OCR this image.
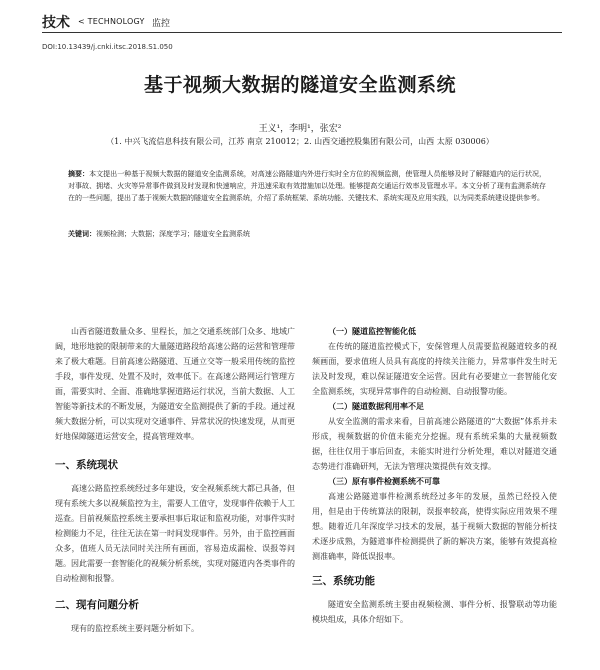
技术 < TECHNOLOGY 监控
DOI:10.13439/j.cnki.itsc.2018.S1.050
基于视频大数据的隧道安全监测系统
王义¹，李明¹，张宏²
（1. 中兴飞流信息科技有限公司，江苏 南京 210012；2. 山西交通控股集团有限公司，山西 太原 030006）
摘要：本文提出一种基于视频大数据的隧道安全监测系统，对高速公路隧道内外进行实时全方位的视频监测，使管理人员能够及时了解隧道内的运行状况，对事故、拥堵、火灾等异常事件做到及时发现和快速响应，并迅速采取有效措施加以处理。能够提高交通运行效率及管理水平。本文分析了现有监测系统存在的一些问题，提出了基于视频大数据的隧道安全监测系统，介绍了系统框架、系统功能、关键技术、系统实现及应用实践，以为同类系统建设提供参考。
关键词：视频检测；大数据；深度学习；隧道安全监测系统

山西省隧道数量众多、里程长，加之交通系统部门众多、地域广阔，地形地貌的限制带来的大量隧道路段给高速公路的运营和管理带来了极大难题。目前高速公路隧道、互通立交等一般采用传统的监控手段，事件发现、处置不及时，效率低下。在高速公路网运行管理方面，需要实时、全面、准确地掌握道路运行状况，当前大数据、人工智能等新技术的不断发展，为隧道安全监测提供了新的手段。通过视频大数据分析，可以实现对交通事件、异常状况的快速发现，从而更好地保障隧道运营安全，提高管理效率。

一、系统现状

高速公路监控系统经过多年建设，安全视频系统大都已具备，但现有系统大多以视频监控为主，需要人工值守，发现事件依赖于人工巡查。目前视频监控系统主要承担事后取证和监视功能，对事件实时检测能力不足，往往无法在第一时间发现事件。另外，由于监控画面众多，值班人员无法同时关注所有画面，容易造成漏检、误报等问题。因此需要一套智能化的视频分析系统，实现对隧道内各类事件的自动检测和报警。

二、现有问题分析

现有的监控系统主要问题分析如下。

（一）隧道监控智能化低

在传统的隧道监控模式下，安保管理人员需要监视隧道较多的视频画面，要求值班人员具有高度的持续关注能力，异常事件发生时无法及时发现，难以保证隧道安全运营。因此有必要建立一套智能化安全监测系统，实现异常事件的自动检测、自动报警功能。

（二）隧道数据利用率不足

从安全监测的需求来看，目前高速公路隧道的“大数据”体系并未形成，视频数据的价值未能充分挖掘。现有系统采集的大量视频数据，往往仅用于事后回查，未能实时进行分析处理，难以对隧道交通态势进行准确研判，无法为管理决策提供有效支撑。

（三）原有事件检测系统不可靠

高速公路隧道事件检测系统经过多年的发展，虽然已经投入使用，但是由于传统算法的限制，误报率较高，使得实际应用效果不理想。随着近几年深度学习技术的发展，基于视频大数据的智能分析技术逐步成熟，为隧道事件检测提供了新的解决方案，能够有效提高检测准确率，降低误报率。

三、系统功能

隧道安全监测系统主要由视频检测、事件分析、报警联动等功能模块组成，具体介绍如下。
